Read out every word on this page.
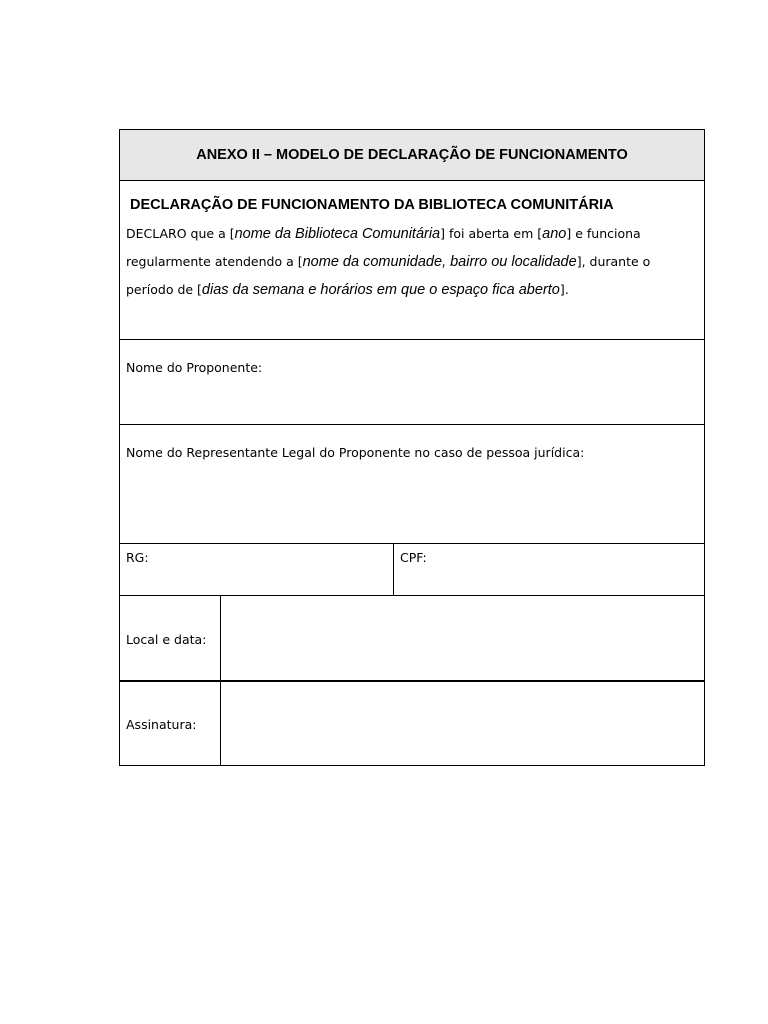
ANEXO II – MODELO DE DECLARAÇÃO DE FUNCIONAMENTO		

DECLARAÇÃO DE FUNCIONAMENTO DA BIBLIOTECA COMUNITÁRIA

DECLARO que a [nome da Biblioteca Comunitária] foi aberta em [ano] e funciona regularmente atendendo a [nome da comunidade, bairro ou localidade], durante o período de [dias da semana e horários em que o espaço fica aberto].		

Nome do Proponente:		
Nome do Representante Legal do Proponente no caso de pessoa jurídica:		
RG:		CPF:
Local e data:		
Assinatura:		
